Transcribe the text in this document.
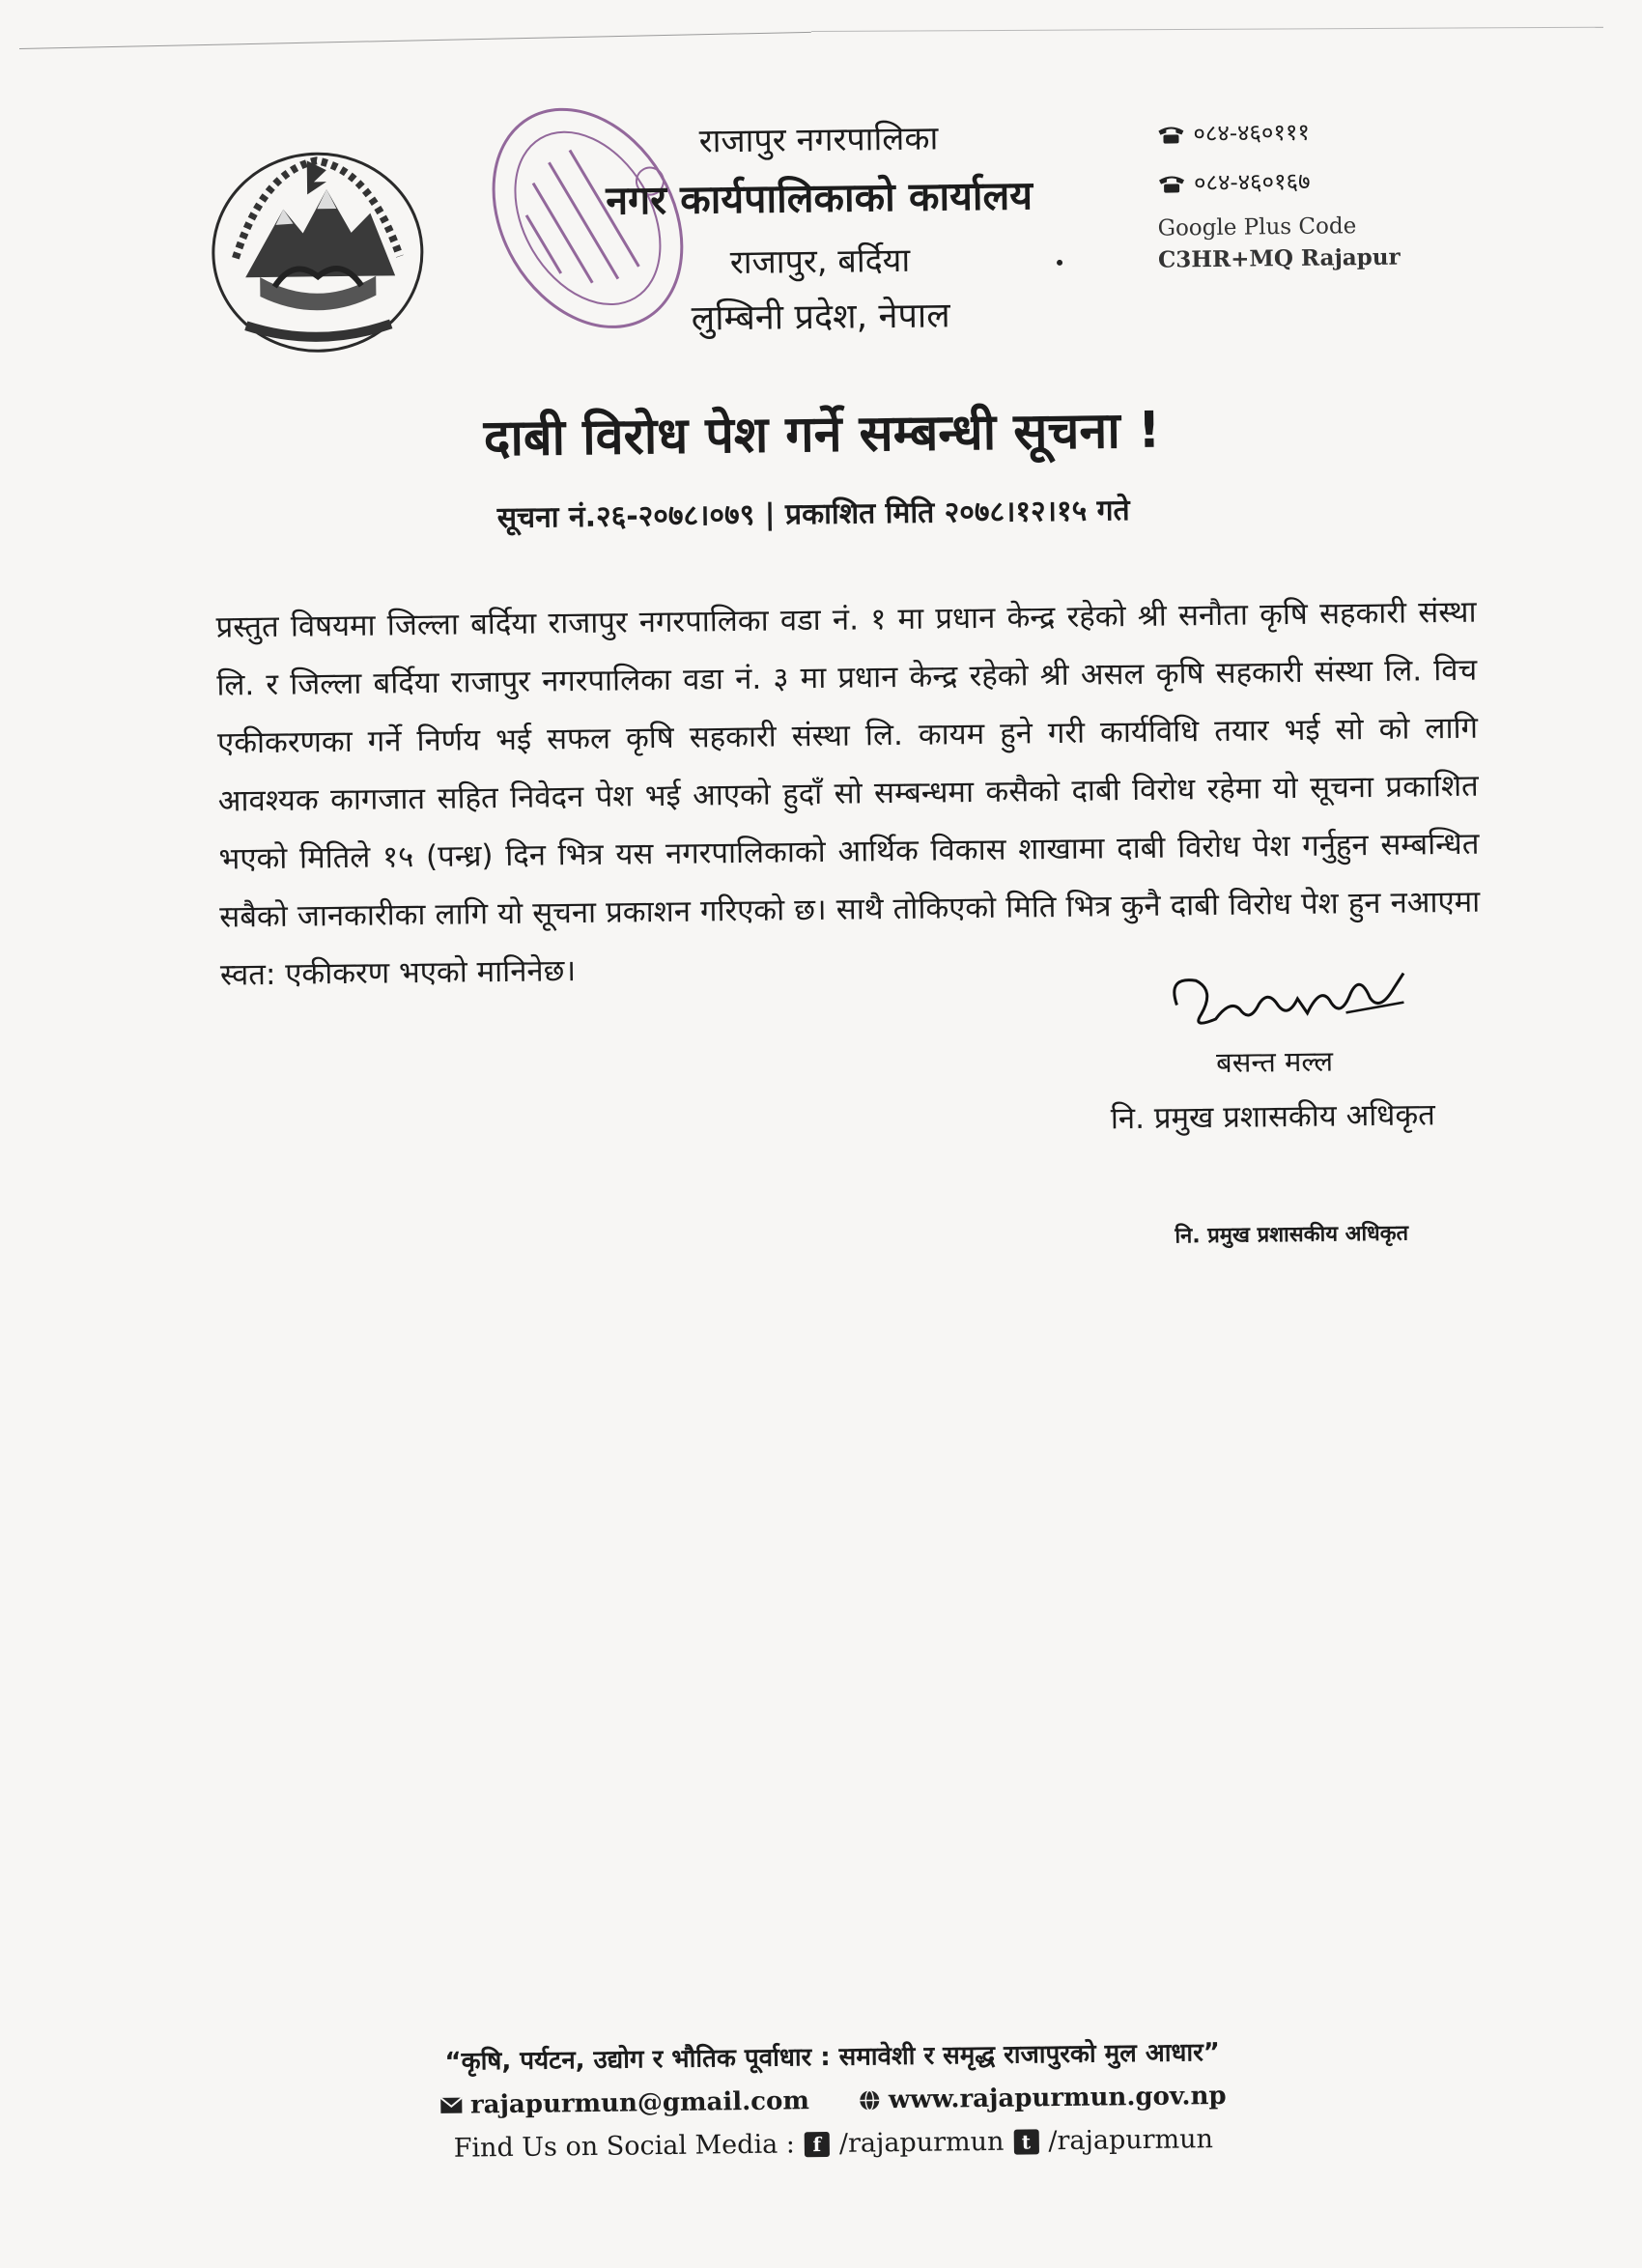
राजापुर नगरपालिका
नगर कार्यपालिकाको कार्यालय
राजापुर, बर्दिया
लुम्बिनी प्रदेश, नेपाल
०८४-४६०१११
०८४-४६०१६७
Google Plus Code
C3HR+MQ Rajapur
दाबी विरोध पेश गर्ने सम्बन्धी सूचना !
सूचना नं.२६-२०७८।०७९ | प्रकाशित मिति २०७८।१२।१५ गते
प्रस्तुत विषयमा जिल्ला बर्दिया राजापुर नगरपालिका वडा नं. १ मा प्रधान केन्द्र रहेको श्री सनौता कृषि सहकारी संस्था लि. र जिल्ला बर्दिया राजापुर नगरपालिका वडा नं. ३ मा प्रधान केन्द्र रहेको श्री असल कृषि सहकारी संस्था लि. विच एकीकरणका गर्ने निर्णय भई सफल कृषि सहकारी संस्था लि. कायम हुने गरी कार्यविधि तयार भई सो को लागि आवश्यक कागजात सहित निवेदन पेश भई आएको हुदाँ सो सम्बन्धमा कसैको दाबी विरोध रहेमा यो सूचना प्रकाशित भएको मितिले १५ (पन्ध्र) दिन भित्र यस नगरपालिकाको आर्थिक विकास शाखामा दाबी विरोध पेश गर्नुहुन सम्बन्धित सबैको जानकारीका लागि यो सूचना प्रकाशन गरिएको छ। साथै तोकिएको मिति भित्र कुनै दाबी विरोध पेश हुन नआएमा स्वत: एकीकरण भएको मानिनेछ।
बसन्त मल्ल
नि. प्रमुख प्रशासकीय अधिकृत
नि. प्रमुख प्रशासकीय अधिकृत
“कृषि, पर्यटन, उद्योग र भौतिक पूर्वाधार : समावेशी र समृद्ध राजापुरको मुल आधार”
rajapurmun@gmail.com	www.rajapurmun.gov.np
Find Us on Social Media : f /rajapurmun t /rajapurmun
